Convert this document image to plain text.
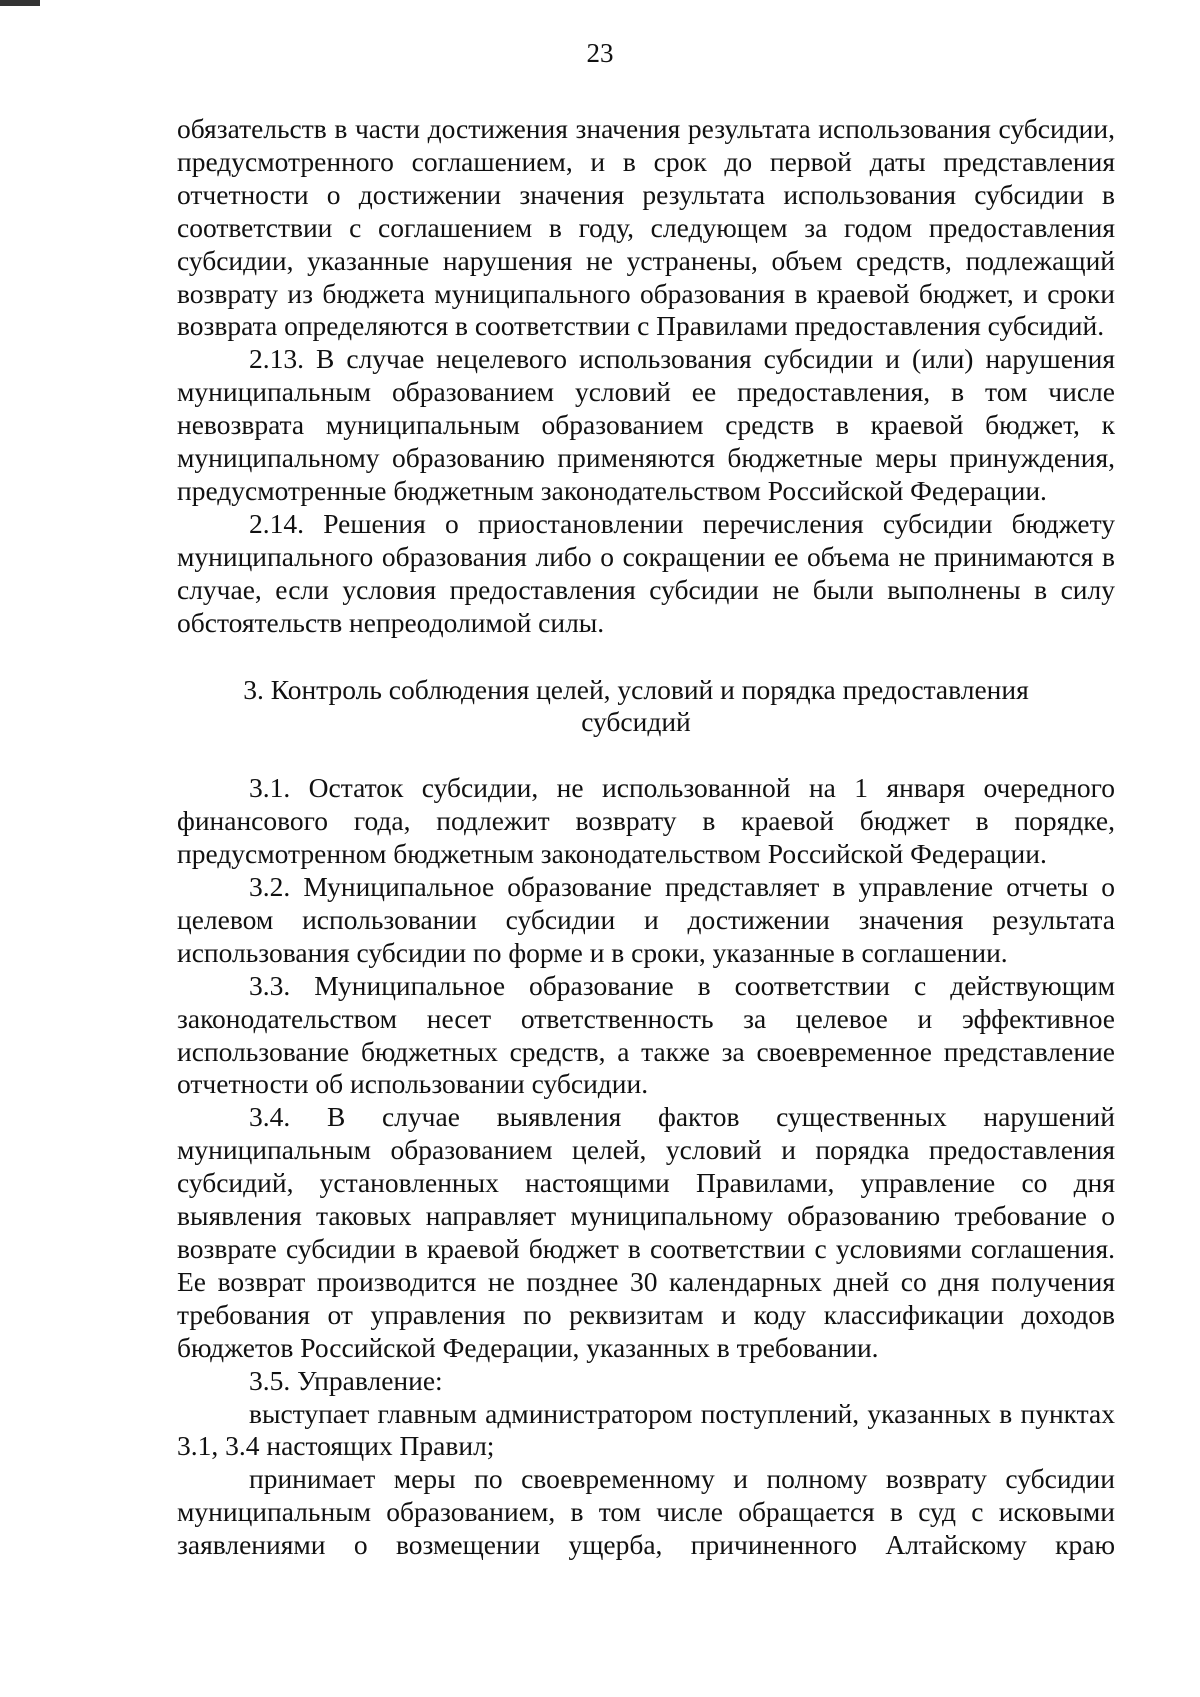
23

обязательств в части достижения значения результата использования субсидии, предусмотренного соглашением, и в срок до первой даты представления отчетности о достижении значения результата использования субсидии в соответствии с соглашением в году, следующем за годом предоставления субсидии, указанные нарушения не устранены, объем средств, подлежащий возврату из бюджета муниципального образования в краевой бюджет, и сроки возврата определяются в соответствии с Правилами предоставления субсидий.

2.13. В случае нецелевого использования субсидии и (или) нарушения муниципальным образованием условий ее предоставления, в том числе невозврата муниципальным образованием средств в краевой бюджет, к муниципальному образованию применяются бюджетные меры принуждения, предусмотренные бюджетным законодательством Российской Федерации.

2.14. Решения о приостановлении перечисления субсидии бюджету муниципального образования либо о сокращении ее объема не принимаются в случае, если условия предоставления субсидии не были выполнены в силу обстоятельств непреодолимой силы.

3. Контроль соблюдения целей, условий и порядка предоставления субсидий

3.1. Остаток субсидии, не использованной на 1 января очередного финансового года, подлежит возврату в краевой бюджет в порядке, предусмотренном бюджетным законодательством Российской Федерации.

3.2. Муниципальное образование представляет в управление отчеты о целевом использовании субсидии и достижении значения результата использования субсидии по форме и в сроки, указанные в соглашении.

3.3. Муниципальное образование в соответствии с действующим законодательством несет ответственность за целевое и эффективное использование бюджетных средств, а также за своевременное представление отчетности об использовании субсидии.

3.4. В случае выявления фактов существенных нарушений муниципальным образованием целей, условий и порядка предоставления субсидий, установленных настоящими Правилами, управление со дня выявления таковых направляет муниципальному образованию требование о возврате субсидии в краевой бюджет в соответствии с условиями соглашения. Ее возврат производится не позднее 30 календарных дней со дня получения требования от управления по реквизитам и коду классификации доходов бюджетов Российской Федерации, указанных в требовании.

3.5. Управление:

выступает главным администратором поступлений, указанных в пунктах 3.1, 3.4 настоящих Правил;

принимает меры по своевременному и полному возврату субсидии муниципальным образованием, в том числе обращается в суд с исковыми заявлениями о возмещении ущерба, причиненного Алтайскому краю
